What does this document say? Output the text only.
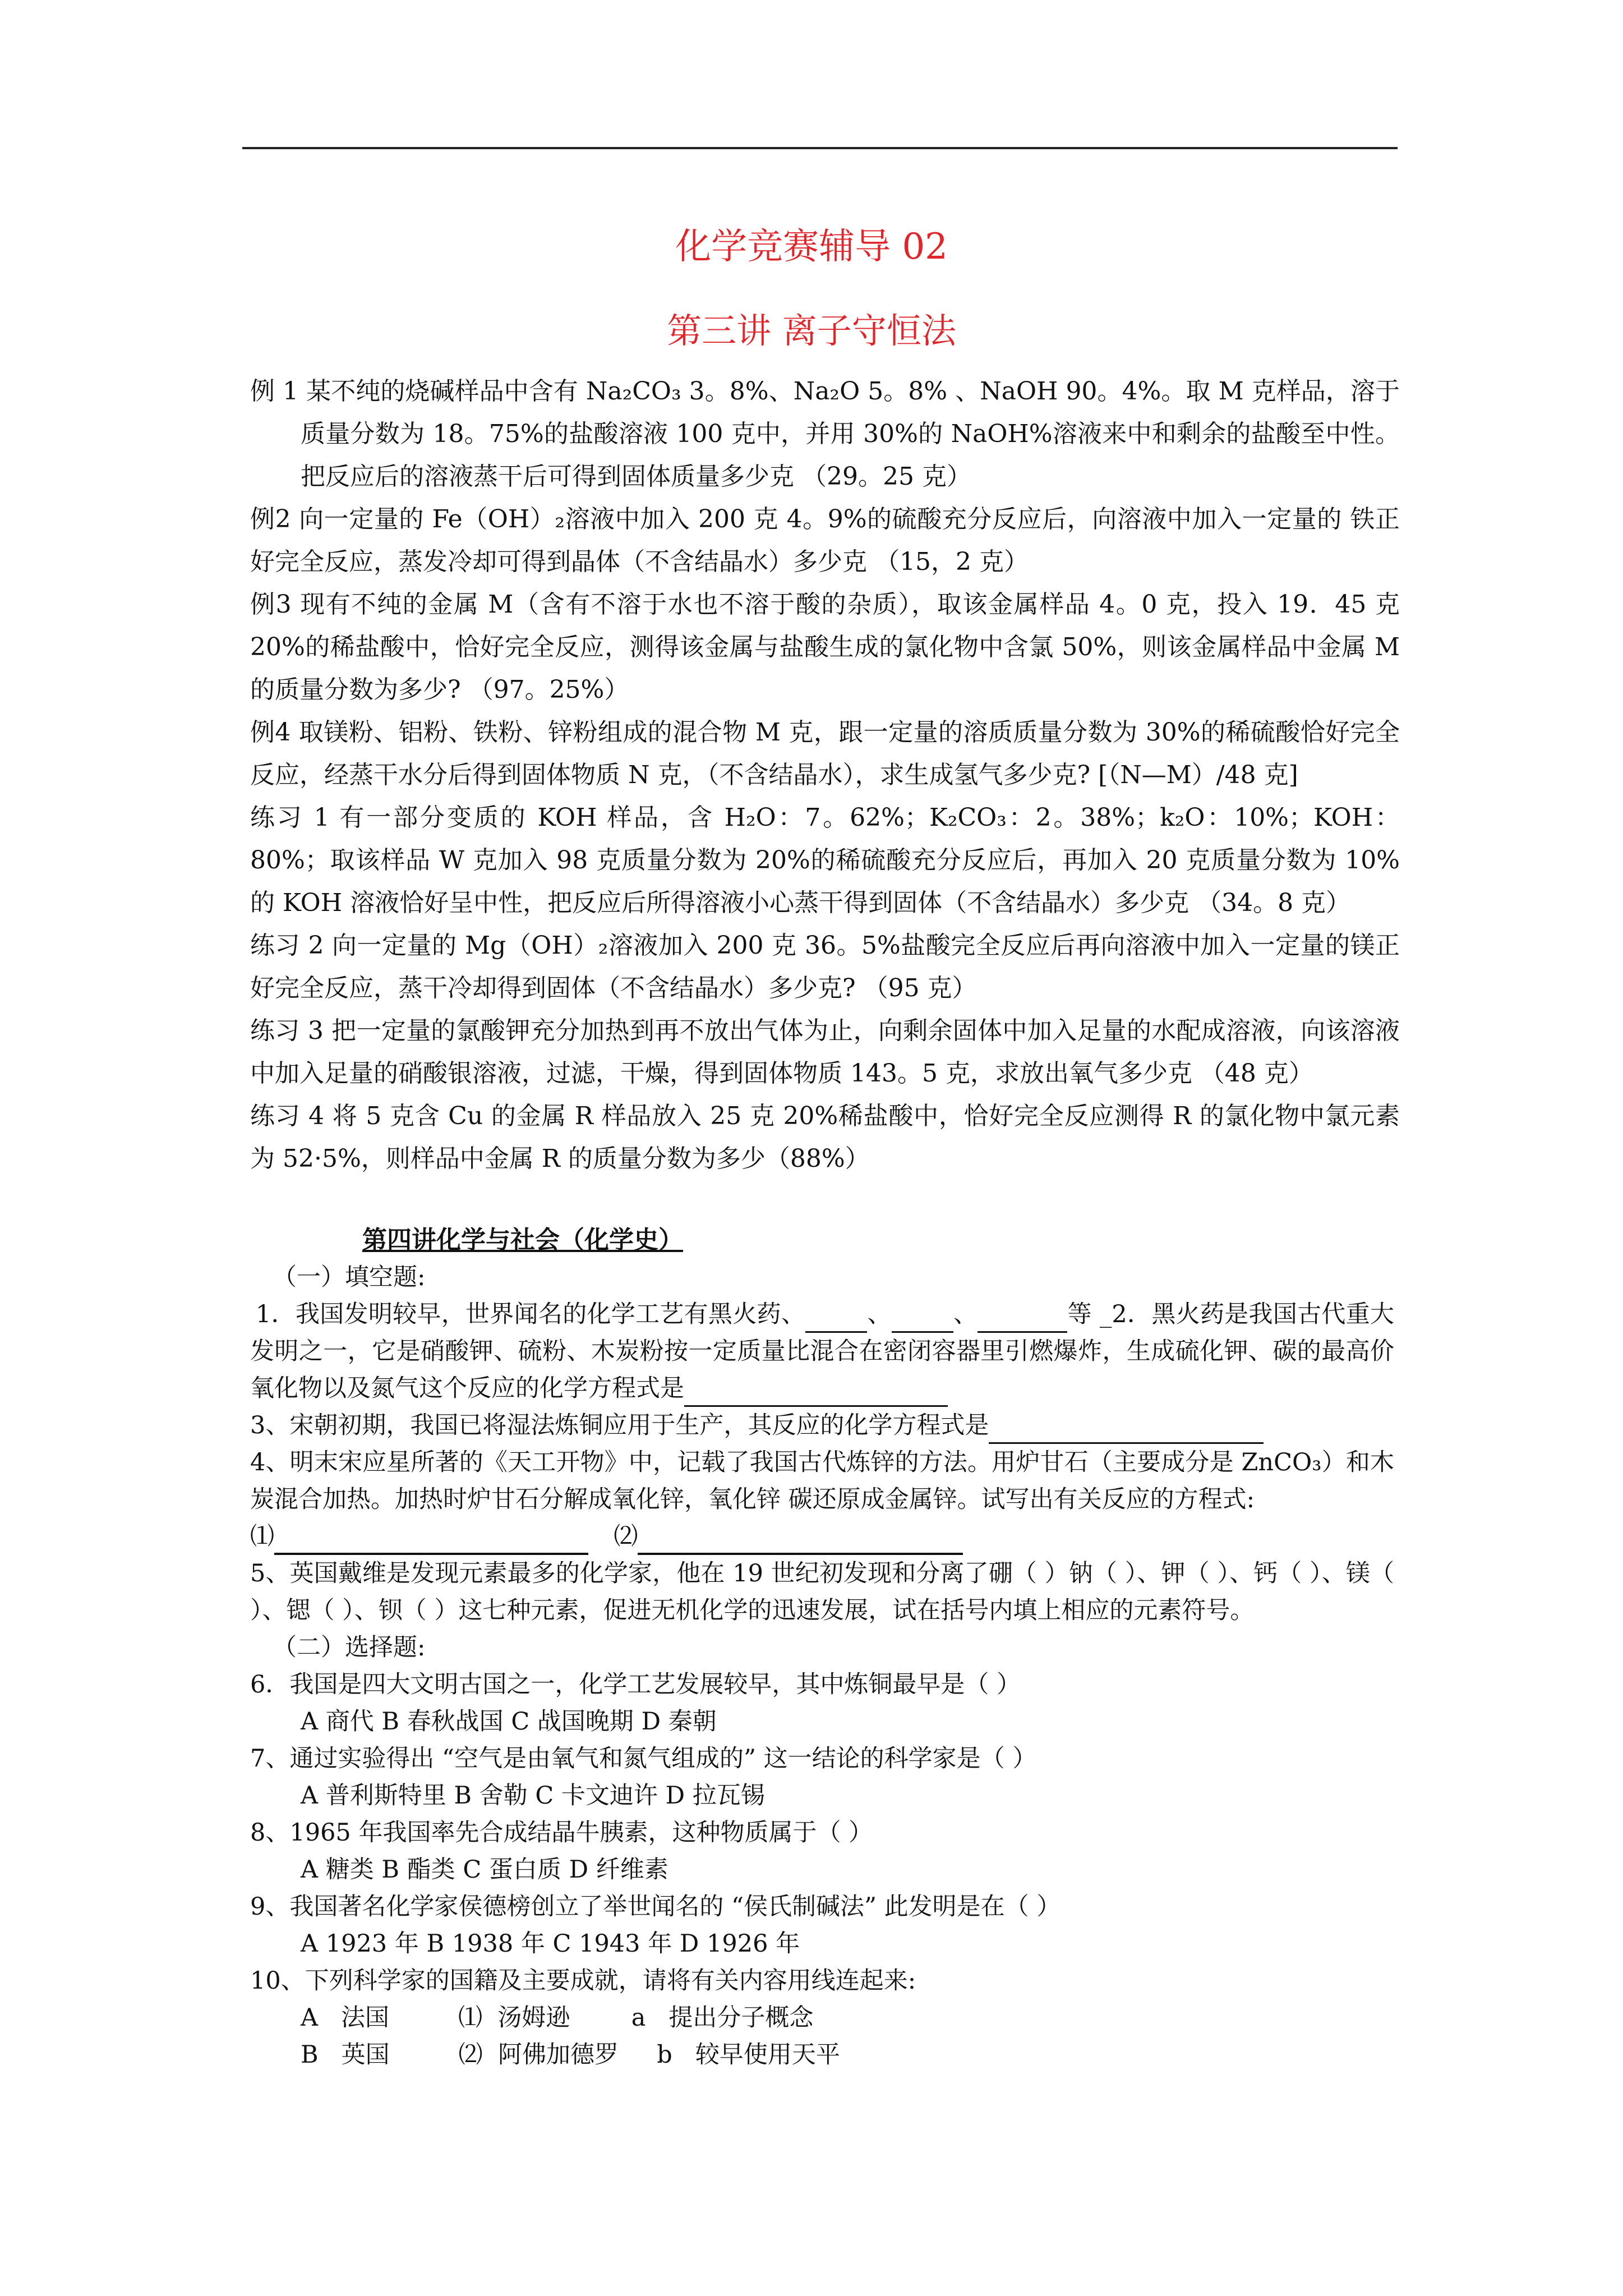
化学竞赛辅导 02
第三讲 离子守恒法

例 1 某不纯的烧碱样品中含有 Na₂CO₃ 3。8%、Na₂O 5。8% 、NaOH 90。4%。取 M 克样品，溶于质量分数为 18。75%的盐酸溶液 100 克中，并用 30%的 NaOH%溶液来中和剩余的盐酸至中性。把反应后的溶液蒸干后可得到固体质量多少克 （29。25 克）

例2 向一定量的 Fe（OH）₂溶液中加入 200 克 4。9%的硫酸充分反应后，向溶液中加入一定量的 铁正好完全反应，蒸发冷却可得到晶体（不含结晶水）多少克 （15，2 克）

例3 现有不纯的金属 M（含有不溶于水也不溶于酸的杂质），取该金属样品 4。0 克，投入 19．45 克 20%的稀盐酸中，恰好完全反应，测得该金属与盐酸生成的氯化物中含氯 50%，则该金属样品中金属 M 的质量分数为多少? （97。25%）

例4 取镁粉、铝粉、铁粉、锌粉组成的混合物 M 克，跟一定量的溶质质量分数为 30%的稀硫酸恰好完全反应，经蒸干水分后得到固体物质 N 克，（不含结晶水），求生成氢气多少克? [（N—M）/48 克]

练习 1 有一部分变质的 KOH 样品，含 H₂O：7。62%；K₂CO₃：2。38%；k₂O：10%；KOH：80%；取该样品 W 克加入 98 克质量分数为 20%的稀硫酸充分反应后，再加入 20 克质量分数为 10%的 KOH 溶液恰好呈中性，把反应后所得溶液小心蒸干得到固体（不含结晶水）多少克 （34。8 克）

练习 2 向一定量的 Mg（OH）₂溶液加入 200 克 36。5%盐酸完全反应后再向溶液中加入一定量的镁正好完全反应，蒸干冷却得到固体（不含结晶水）多少克? （95 克）

练习 3 把一定量的氯酸钾充分加热到再不放出气体为止，向剩余固体中加入足量的水配成溶液，向该溶液中加入足量的硝酸银溶液，过滤，干燥，得到固体物质 143。5 克，求放出氧气多少克 （48 克）

练习 4 将 5 克含 Cu 的金属 R 样品放入 25 克 20%稀盐酸中，恰好完全反应测得 R 的氯化物中氯元素为 52·5%，则样品中金属 R 的质量分数为多少（88%）

第四讲化学与社会（化学史）

（一）填空题:

1．我国发明较早，世界闻名的化学工艺有黑火药、	、	、	等 _2．黑火药是我国古代重大发明之一，它是硝酸钾、硫粉、木炭粉按一定质量比混合在密闭容器里引燃爆炸，生成硫化钾、碳的最高价氧化物以及氮气这个反应的化学方程式是

3、宋朝初期，我国已将湿法炼铜应用于生产，其反应的化学方程式是

4、明末宋应星所著的《天工开物》中，记载了我国古代炼锌的方法。用炉甘石（主要成分是 ZnCO₃）和木炭混合加热。加热时炉甘石分解成氧化锌，氧化锌 碳还原成金属锌。试写出有关反应的方程式:

⑴	⑵

5、英国戴维是发现元素最多的化学家，他在 19 世纪初发现和分离了硼（ ）钠（ ）、钾（ ）、钙（ ）、镁（ ）、锶（ ）、钡（ ）这七种元素，促进无机化学的迅速发展，试在括号内填上相应的元素符号。

（二）选择题:

6．我国是四大文明古国之一，化学工艺发展较早，其中炼铜最早是（ ）

A 商代 B 春秋战国 C 战国晚期 D 秦朝

7、通过实验得出 “空气是由氧气和氮气组成的” 这一结论的科学家是（ ）

A 普利斯特里 B 舍勒 C 卡文迪许 D 拉瓦锡

8、1965 年我国率先合成结晶牛胰素，这种物质属于（ ）

A 糖类 B 酯类 C 蛋白质 D 纤维素

9、我国著名化学家侯德榜创立了举世闻名的 “侯氏制碱法” 此发明是在（ ）

A 1923 年 B 1938 年 C 1943 年 D 1926 年

10、下列科学家的国籍及主要成就，请将有关内容用线连起来:

A   法国         ⑴  汤姆逊        a   提出分子概念

B   英国         ⑵  阿佛加德罗     b   较早使用天平
